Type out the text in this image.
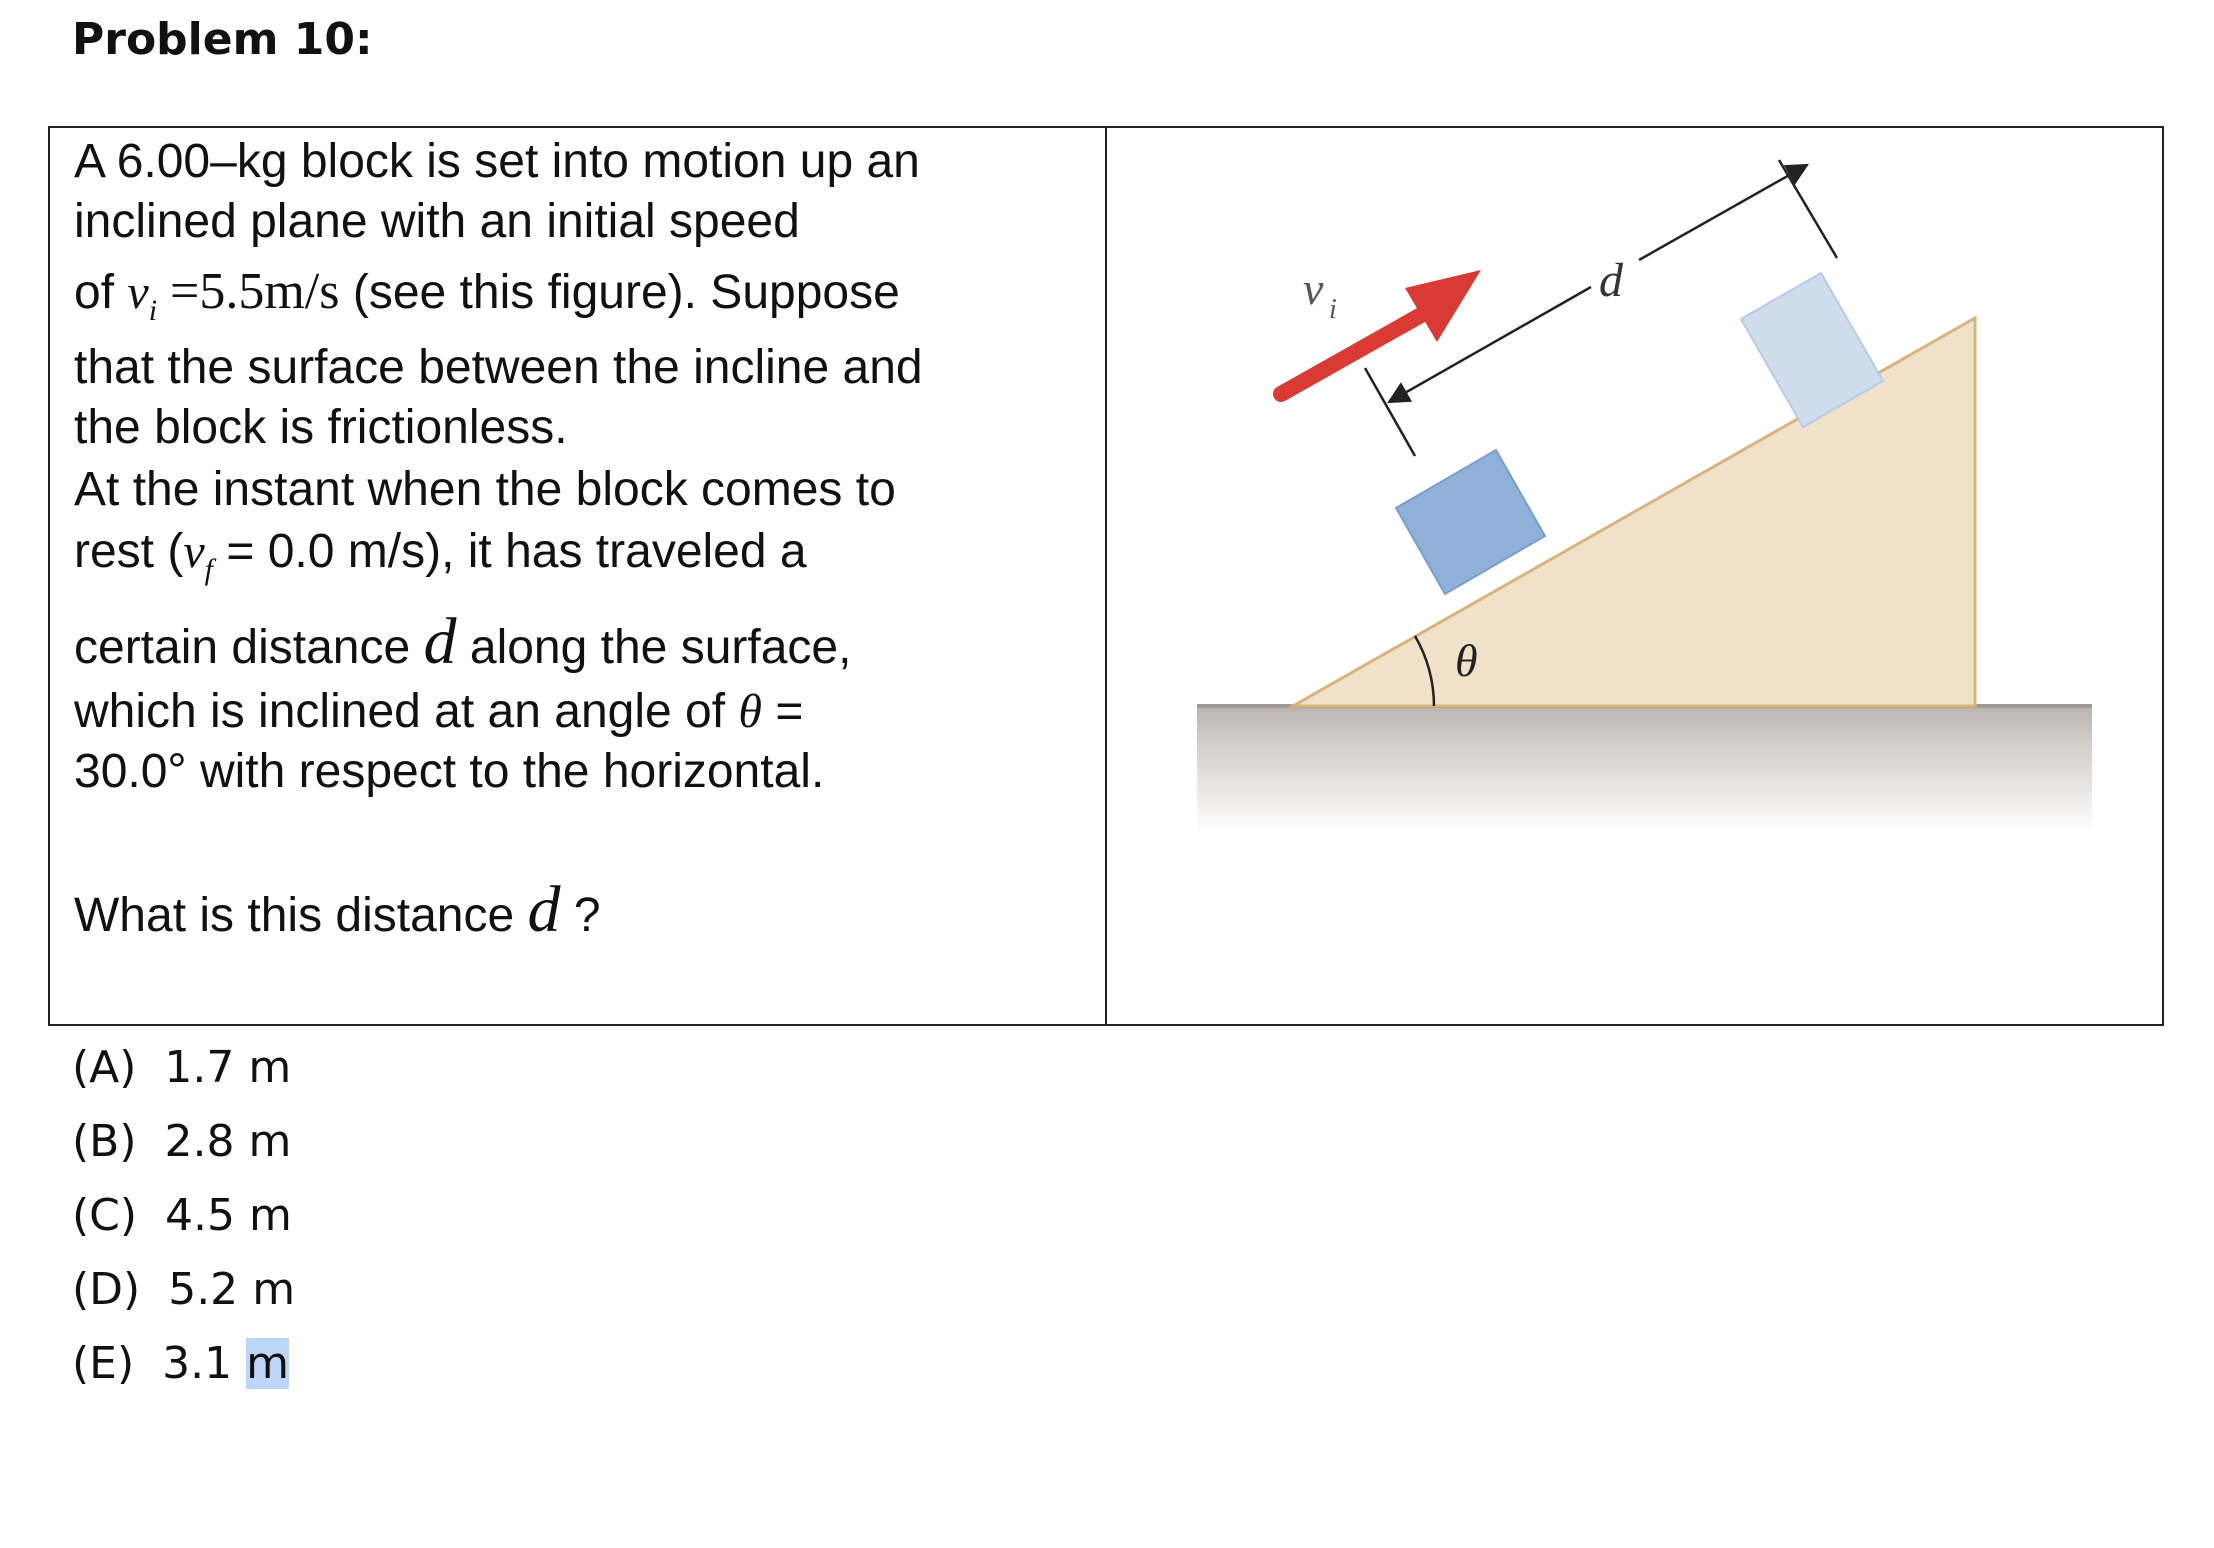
Problem 10:
A 6.00–kg block is set into motion up an
inclined plane with an initial speed
of $v_i =5.5m/s$ (see this figure). Suppose
that the surface between the incline and
the block is frictionless.
At the instant when the block comes to
rest ($v_f = 0.0$ m/s), it has traveled a
certain distance d along the surface,
which is inclined at an angle of θ =
30.0° with respect to the horizontal.
What is this distance d ?
d
v i
θ
(A) 1.7 m
(B) 2.8 m
(C) 4.5 m
(D) 5.2 m
(E) 3.1 m
